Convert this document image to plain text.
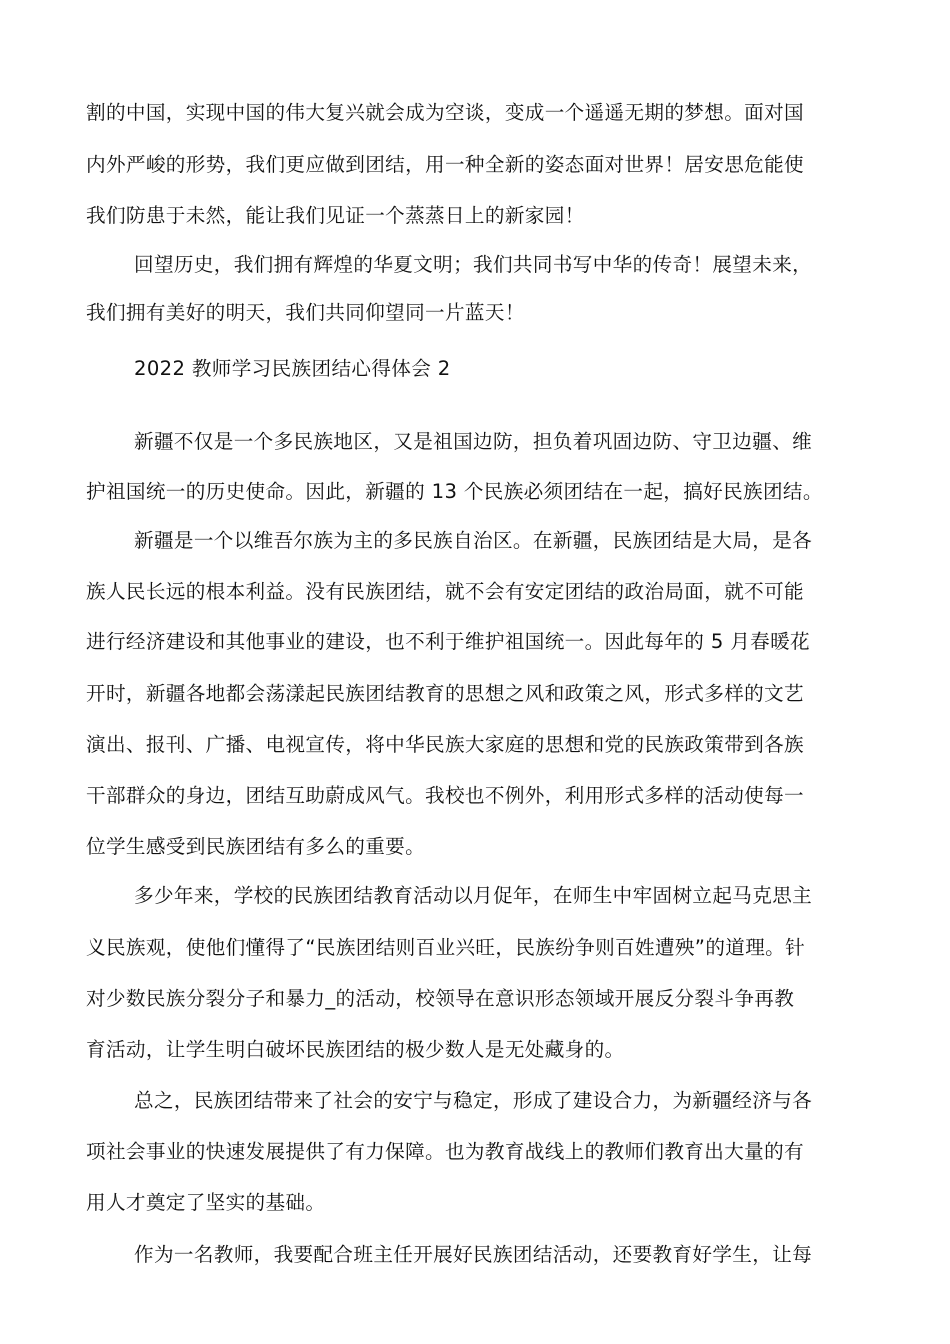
割的中国，实现中国的伟大复兴就会成为空谈，变成一个遥遥无期的梦想。面对国

内外严峻的形势，我们更应做到团结，用一种全新的姿态面对世界！居安思危能使

我们防患于未然，能让我们见证一个蒸蒸日上的新家园！

回望历史，我们拥有辉煌的华夏文明；我们共同书写中华的传奇！展望未来，

我们拥有美好的明天，我们共同仰望同一片蓝天！

2022 教师学习民族团结心得体会 2

新疆不仅是一个多民族地区，又是祖国边防，担负着巩固边防、守卫边疆、维

护祖国统一的历史使命。因此，新疆的 13 个民族必须团结在一起，搞好民族团结。

新疆是一个以维吾尔族为主的多民族自治区。在新疆，民族团结是大局，是各

族人民长远的根本利益。没有民族团结，就不会有安定团结的政治局面，就不可能

进行经济建设和其他事业的建设，也不利于维护祖国统一。因此每年的 5 月春暖花

开时，新疆各地都会荡漾起民族团结教育的思想之风和政策之风，形式多样的文艺

演出、报刊、广播、电视宣传，将中华民族大家庭的思想和党的民族政策带到各族

干部群众的身边，团结互助蔚成风气。我校也不例外，利用形式多样的活动使每一

位学生感受到民族团结有多么的重要。

多少年来，学校的民族团结教育活动以月促年，在师生中牢固树立起马克思主

义民族观，使他们懂得了“民族团结则百业兴旺，民族纷争则百姓遭殃”的道理。针

对少数民族分裂分子和暴力_的活动，校领导在意识形态领域开展反分裂斗争再教

育活动，让学生明白破坏民族团结的极少数人是无处藏身的。

总之，民族团结带来了社会的安宁与稳定，形成了建设合力，为新疆经济与各

项社会事业的快速发展提供了有力保障。也为教育战线上的教师们教育出大量的有

用人才奠定了坚实的基础。

作为一名教师，我要配合班主任开展好民族团结活动，还要教育好学生，让每
